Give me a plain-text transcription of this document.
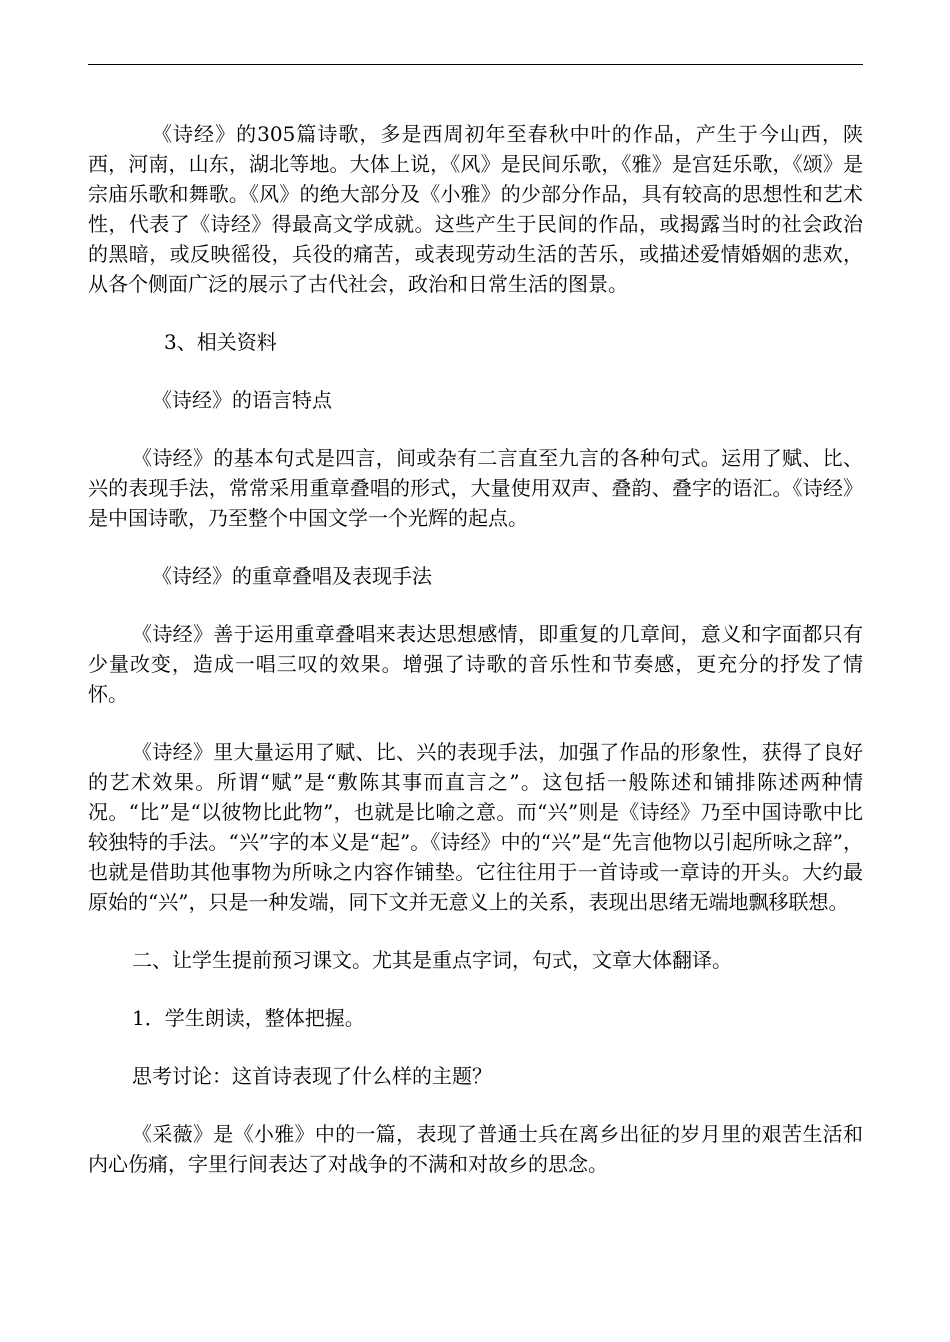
《诗经》的305篇诗歌，多是西周初年至春秋中叶的作品，产生于今山西，陕西，河南，山东，湖北等地。大体上说，《风》是民间乐歌，《雅》是宫廷乐歌，《颂》是宗庙乐歌和舞歌。《风》的绝大部分及《小雅》的少部分作品，具有较高的思想性和艺术性，代表了《诗经》得最高文学成就。这些产生于民间的作品，或揭露当时的社会政治的黑暗，或反映徭役，兵役的痛苦，或表现劳动生活的苦乐，或描述爱情婚姻的悲欢，从各个侧面广泛的展示了古代社会，政治和日常生活的图景。

3、相关资料

《诗经》的语言特点

《诗经》的基本句式是四言，间或杂有二言直至九言的各种句式。运用了赋、比、兴的表现手法，常常采用重章叠唱的形式，大量使用双声、叠韵、叠字的语汇。《诗经》是中国诗歌，乃至整个中国文学一个光辉的起点。

《诗经》的重章叠唱及表现手法

《诗经》善于运用重章叠唱来表达思想感情，即重复的几章间，意义和字面都只有少量改变，造成一唱三叹的效果。增强了诗歌的音乐性和节奏感，更充分的抒发了情怀。

《诗经》里大量运用了赋、比、兴的表现手法，加强了作品的形象性，获得了良好的艺术效果。所谓“赋”是“敷陈其事而直言之”。这包括一般陈述和铺排陈述两种情况。“比”是“以彼物比此物”，也就是比喻之意。而“兴”则是《诗经》乃至中国诗歌中比较独特的手法。“兴”字的本义是“起”。《诗经》中的“兴”是“先言他物以引起所咏之辞”，也就是借助其他事物为所咏之内容作铺垫。它往往用于一首诗或一章诗的开头。大约最原始的“兴”，只是一种发端，同下文并无意义上的关系，表现出思绪无端地飘移联想。

二、让学生提前预习课文。尤其是重点字词，句式，文章大体翻译。

1．学生朗读，整体把握。

思考讨论：这首诗表现了什么样的主题？

《采薇》是《小雅》中的一篇，表现了普通士兵在离乡出征的岁月里的艰苦生活和内心伤痛，字里行间表达了对战争的不满和对故乡的思念。
